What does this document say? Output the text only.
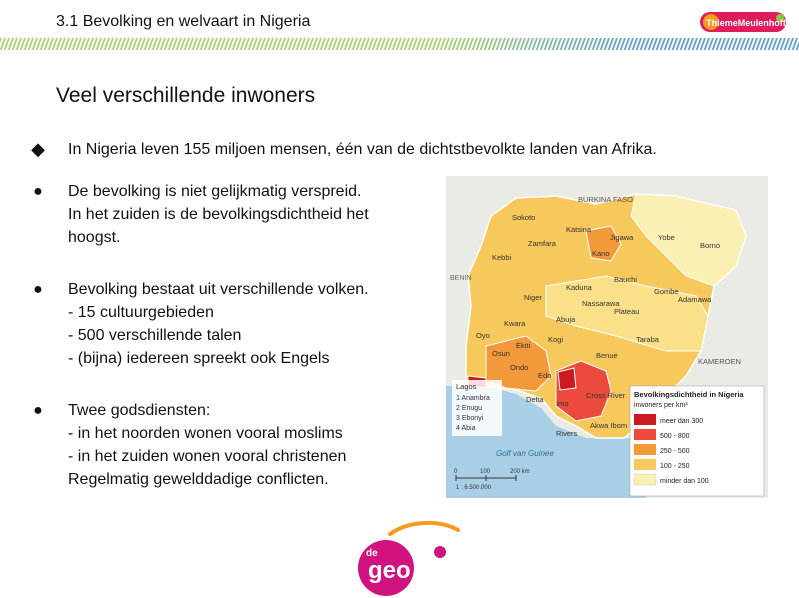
3.1 Bevolking en welvaart in Nigeria	ThiemeMeulenhoff
Veel verschillende inwoners
◆ In Nigeria leven 155 miljoen mensen, één van de dichtstbevolkte landen van Afrika.
●	De bevolking is niet gelijkmatig verspreid.
In het zuiden is de bevolkingsdichtheid het
hoogst.
●	Bevolking bestaat uit verschillende volken.
- 15 cultuurgebieden
- 500 verschillende talen
- (bijna) iedereen spreekt ook Engels
●	Twee godsdiensten:
- in het noorden wonen vooral moslims
- in het zuiden wonen vooral christenen
Regelmatig gewelddadige conflicten.
BURKINA FASO
BENIN
KAMEROEN
Sokoto
Katsina
Jigawa	Yobe
Borno
Zamfara
Kano
Kebbi
Kaduna
Bauchi
Gombe
Adamawa
Niger
Nassarawa
Plateau
Kwara	Abuja
Oyo	Kogi
Benue
Taraba
Osun
Ekiti
Ondo
Edo
Delta Imo
Cross River
Akwa Ibom
Rivers
Lagos
1 Anambra
2 Enugu
3 Ebonyi
4 Abia
Golf van Guinee
0	100	200 km
1 : 6.500.000
Bevolkingsdichtheid in Nigeria
inwoners per km²
meer dan 300
500 - 800
250 - 500
100 - 250
minder dan 100
de
geo
